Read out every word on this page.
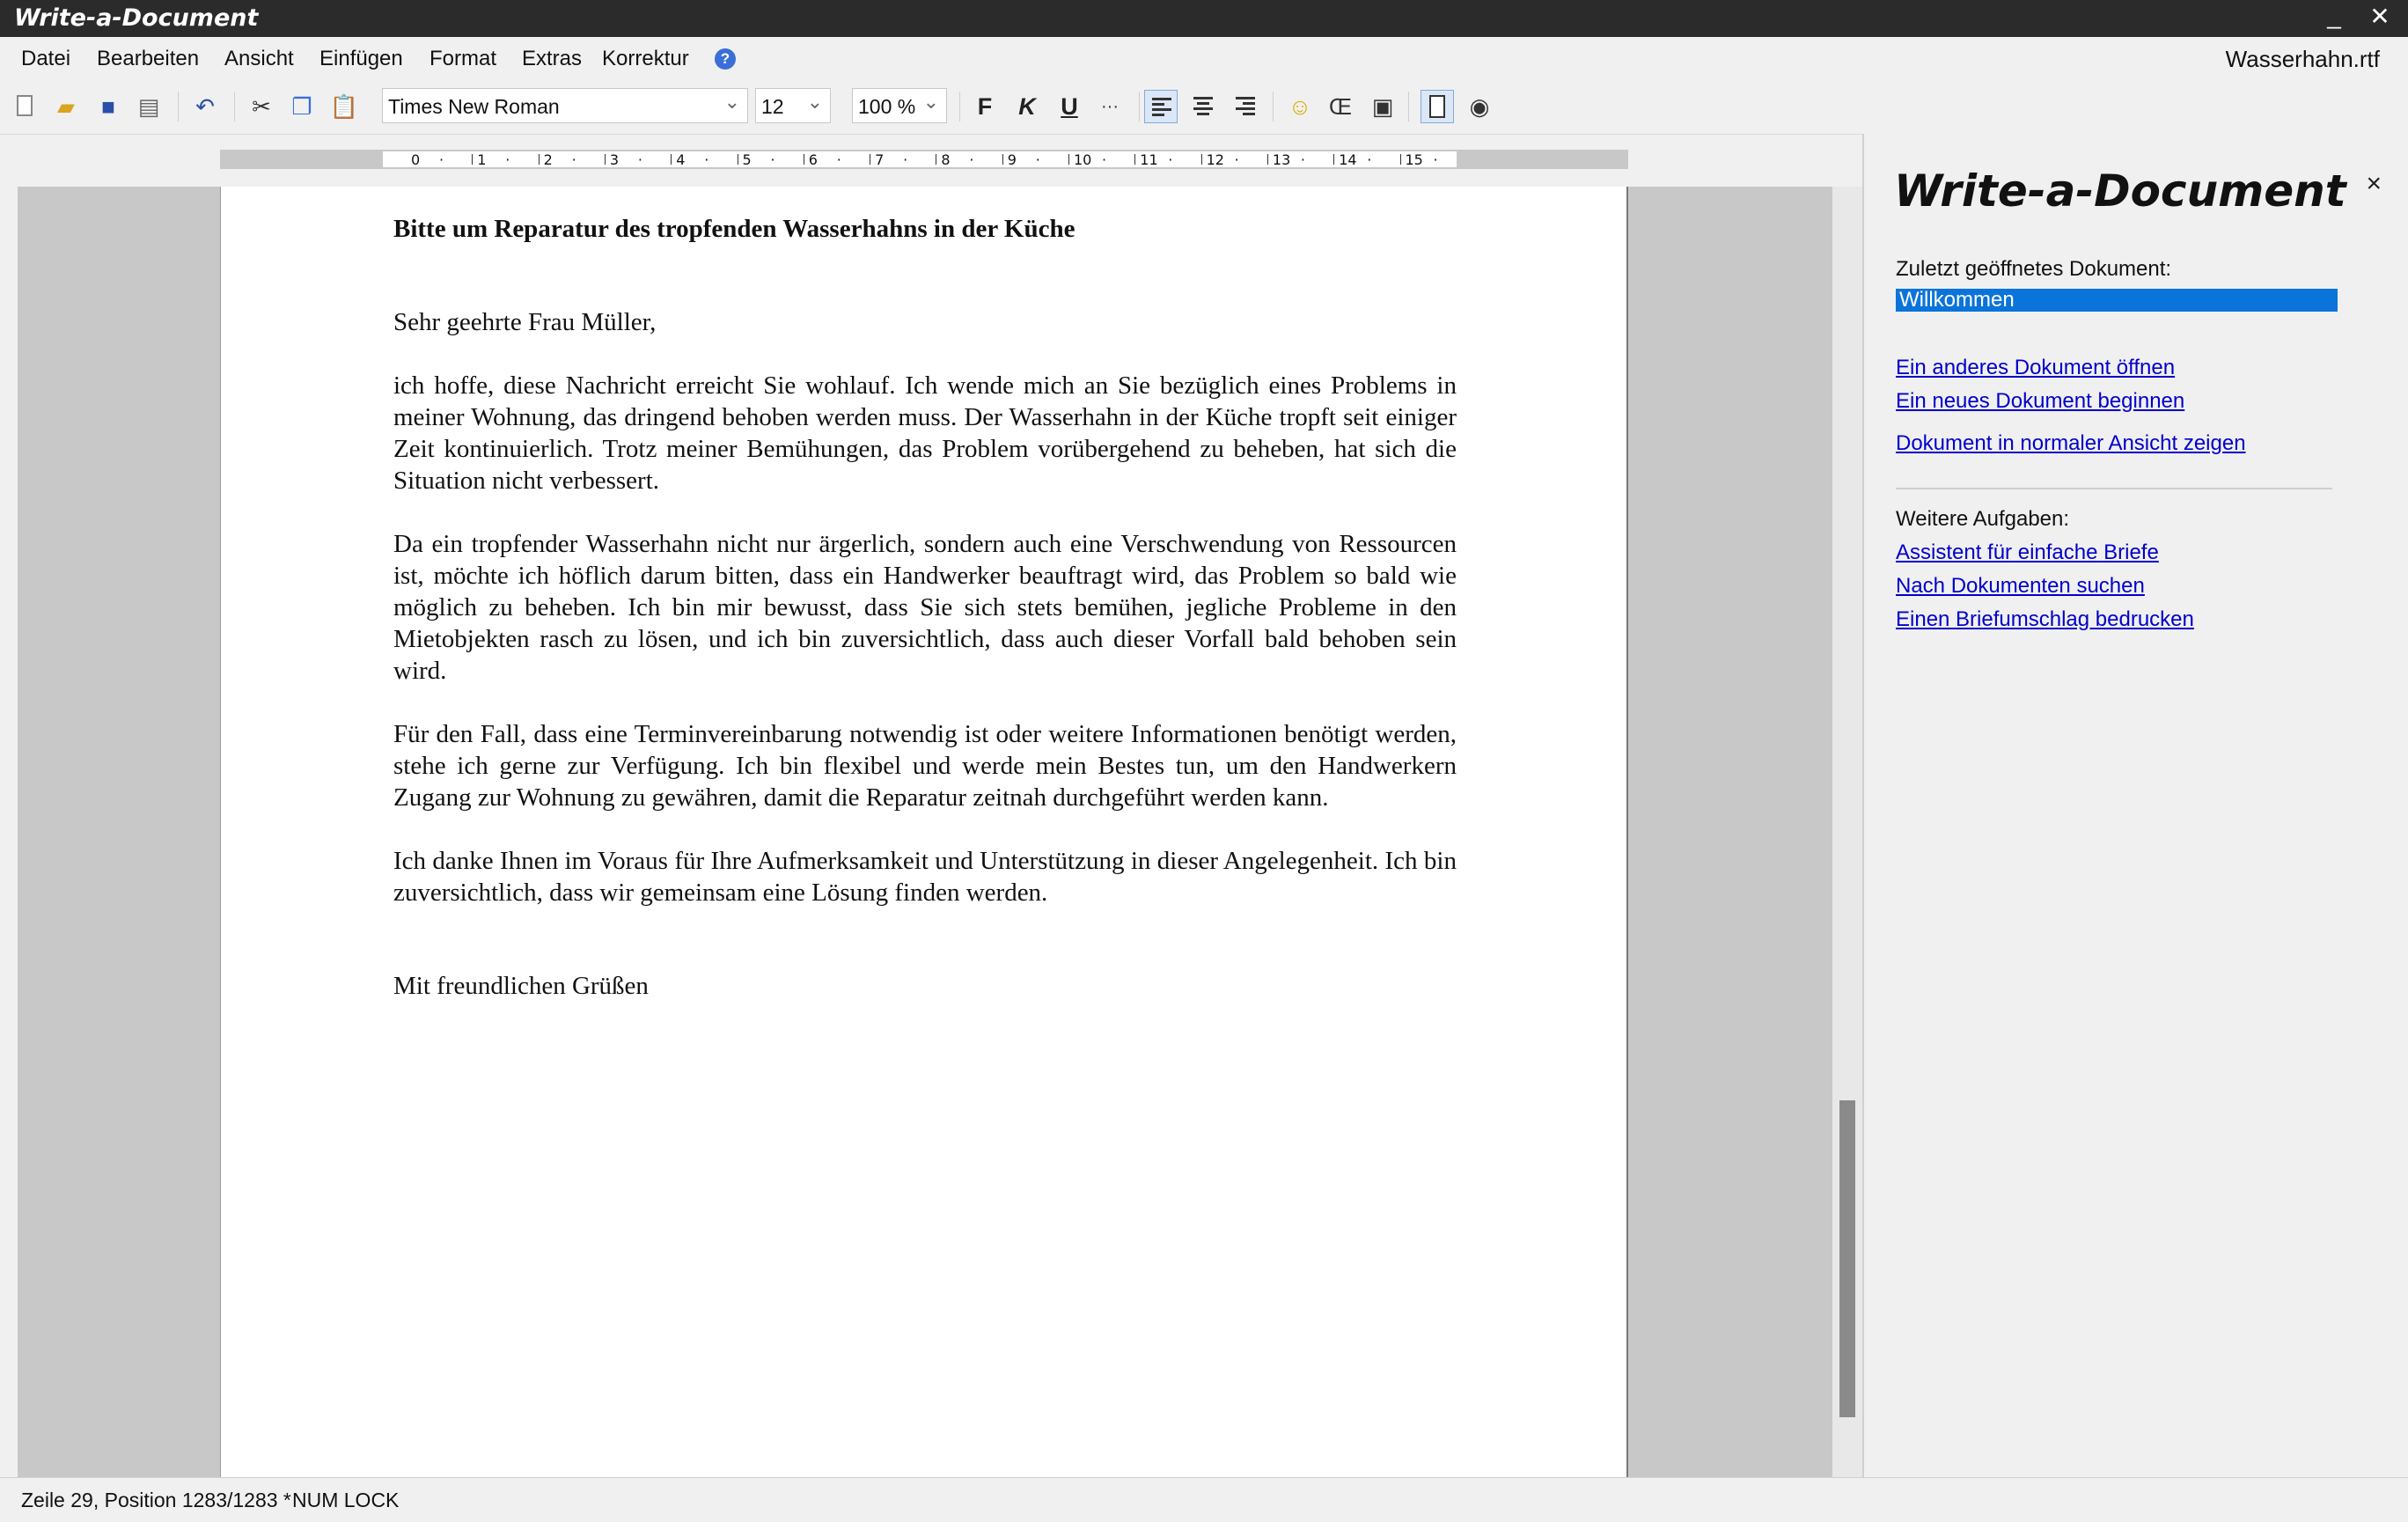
Write-a-Document	_	✕
Datei Bearbeiten Ansicht Einfügen Format Extras Korrektur	?	Wasserhahn.rtf
▰	■ ▤ ↶ ✂ ❐ 📋 Times New Roman	⌄ 12 ⌄ 100 % ⌄	F	K U	···	☺ Œ ▣	◉
0 · 1 · 2 · 3 · 4 · 5 · 6 · 7 · 8 · 9 · 10 · 11 · 12 · 13 · 14 · 15 ·
Bitte um Reparatur des tropfenden Wasserhahns in der Küche
Sehr geehrte Frau Müller,

ich hoffe, diese Nachricht erreicht Sie wohlauf. Ich wende mich an Sie bezüglich eines Problems in meiner Wohnung, das dringend behoben werden muss. Der Wasserhahn in der Küche tropft seit einiger Zeit kontinuierlich. Trotz meiner Bemühungen, das Problem vorübergehend zu beheben, hat sich die Situation nicht verbessert.

Da ein tropfender Wasserhahn nicht nur ärgerlich, sondern auch eine Verschwendung von Ressourcen ist, möchte ich höflich darum bitten, dass ein Handwerker beauftragt wird, das Problem so bald wie möglich zu beheben. Ich bin mir bewusst, dass Sie sich stets bemühen, jegliche Probleme in den Mietobjekten rasch zu lösen, und ich bin zuversichtlich, dass auch dieser Vorfall bald behoben sein wird.

Für den Fall, dass eine Terminvereinbarung notwendig ist oder weitere Informationen benötigt werden, stehe ich gerne zur Verfügung. Ich bin flexibel und werde mein Bestes tun, um den Handwerkern Zugang zur Wohnung zu gewähren, damit die Reparatur zeitnah durchgeführt werden kann.

Ich danke Ihnen im Voraus für Ihre Aufmerksamkeit und Unterstützung in dieser Angelegenheit. Ich bin zuversichtlich, dass wir gemeinsam eine Lösung finden werden.

Mit freundlichen Grüßen
Write-a-Document ×
Zuletzt geöffnetes Dokument:
Willkommen
Ein anderes Dokument öffnen
Ein neues Dokument beginnen
Dokument in normaler Ansicht zeigen
Weitere Aufgaben:
Assistent für einfache Briefe
Nach Dokumenten suchen
Einen Briefumschlag bedrucken
Zeile 29, Position 1283/1283 * NUM LOCK
